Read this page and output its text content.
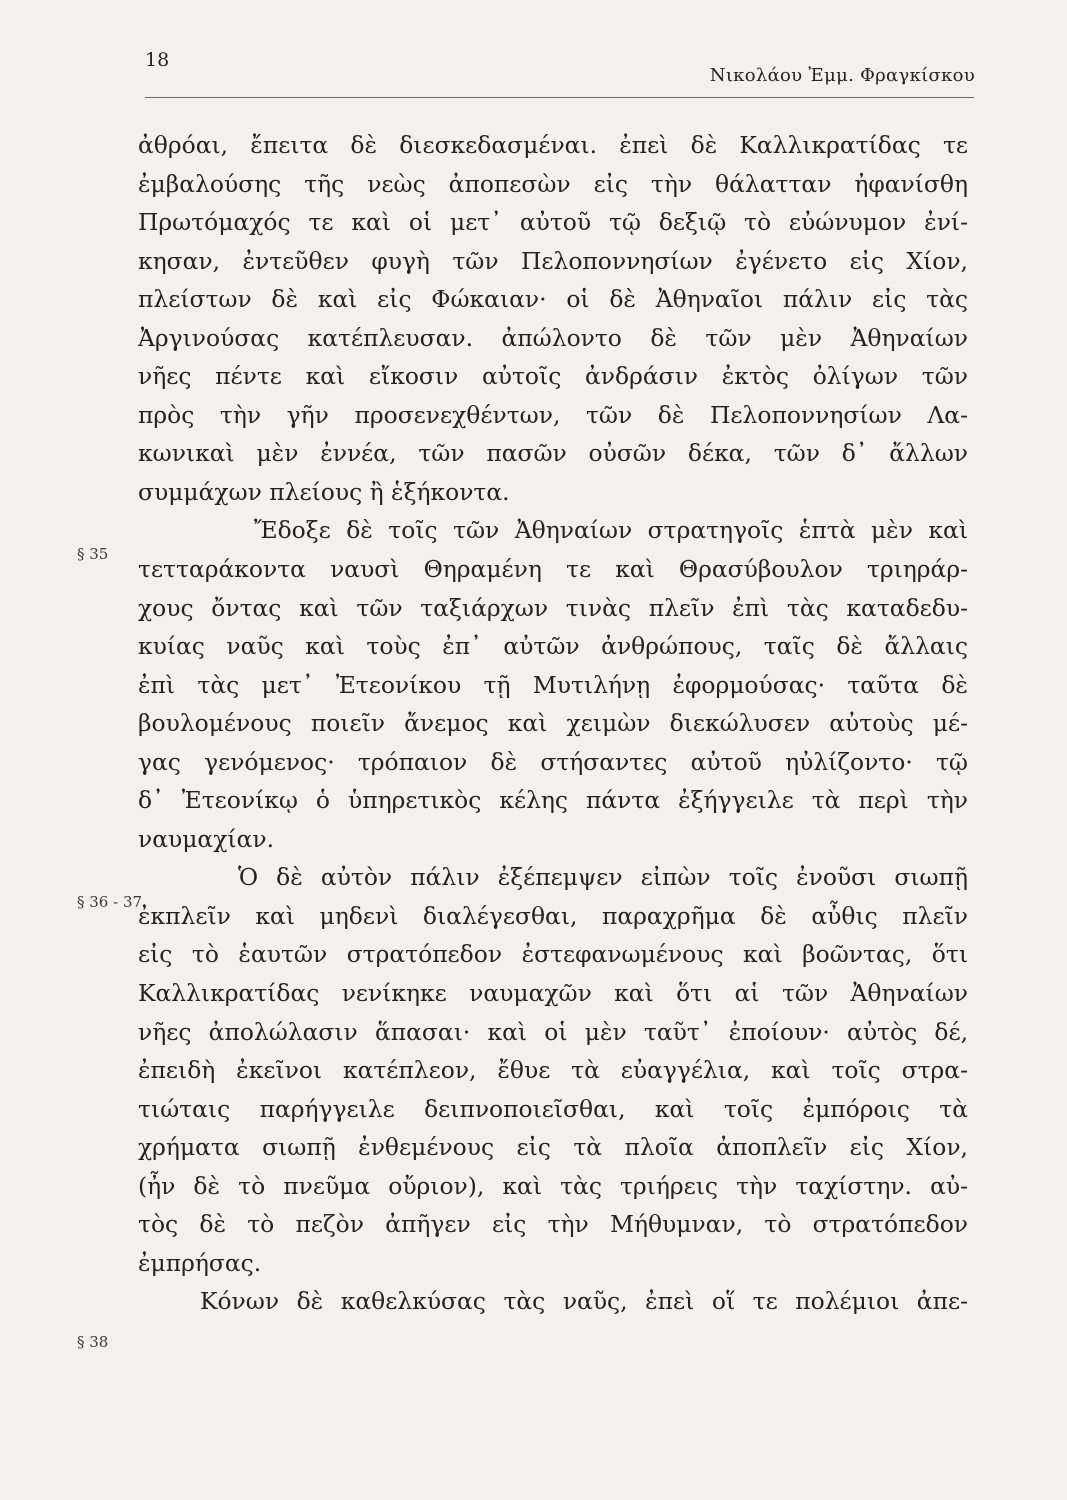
18
Νικολάου Ἐμμ. Φραγκίσκου
§ 35
§ 36 - 37
§ 38
ἀθρόαι, ἔπειτα δὲ διεσκεδασμέναι. ἐπεὶ δὲ Καλλικρατίδας τε
ἐμβαλούσης τῆς νεὼς ἀποπεσὼν εἰς τὴν θάλατταν ἠφανίσθη
Πρωτόμαχός τε καὶ οἱ μετ᾽ αὐτοῦ τῷ δεξιῷ τὸ εὐώνυμον ἐνί-
κησαν, ἐντεῦθεν φυγὴ τῶν Πελοποννησίων ἐγένετο εἰς Χίον,
πλείστων δὲ καὶ εἰς Φώκαιαν· οἱ δὲ Ἀθηναῖοι πάλιν εἰς τὰς
Ἀργινούσας κατέπλευσαν. ἀπώλοντο δὲ τῶν μὲν Ἀθηναίων
νῆες πέντε καὶ εἴκοσιν αὐτοῖς ἀνδράσιν ἐκτὸς ὀλίγων τῶν
πρὸς τὴν γῆν προσενεχθέντων, τῶν δὲ Πελοποννησίων Λα-
κωνικαὶ μὲν ἐννέα, τῶν πασῶν οὐσῶν δέκα, τῶν δ᾽ ἄλλων
συμμάχων πλείους ἢ ἑξήκοντα.
Ἔδοξε δὲ τοῖς τῶν Ἀθηναίων στρατηγοῖς ἑπτὰ μὲν καὶ
τετταράκοντα ναυσὶ Θηραμένη τε καὶ Θρασύβουλον τριηράρ-
χους ὄντας καὶ τῶν ταξιάρχων τινὰς πλεῖν ἐπὶ τὰς καταδεδυ-
κυίας ναῦς καὶ τοὺς ἐπ᾽ αὐτῶν ἀνθρώπους, ταῖς δὲ ἄλλαις
ἐπὶ τὰς μετ᾽ Ἐτεονίκου τῇ Μυτιλήνῃ ἐφορμούσας· ταῦτα δὲ
βουλομένους ποιεῖν ἄνεμος καὶ χειμὼν διεκώλυσεν αὐτοὺς μέ-
γας γενόμενος· τρόπαιον δὲ στήσαντες αὐτοῦ ηὐλίζοντο· τῷ
δ᾽ Ἐτεονίκῳ ὁ ὑπηρετικὸς κέλης πάντα ἐξήγγειλε τὰ περὶ τὴν
ναυμαχίαν.
Ὁ δὲ αὐτὸν πάλιν ἐξέπεμψεν εἰπὼν τοῖς ἐνοῦσι σιωπῇ
ἐκπλεῖν καὶ μηδενὶ διαλέγεσθαι, παραχρῆμα δὲ αὖθις πλεῖν
εἰς τὸ ἑαυτῶν στρατόπεδον ἐστεφανωμένους καὶ βοῶντας, ὅτι
Καλλικρατίδας νενίκηκε ναυμαχῶν καὶ ὅτι αἱ τῶν Ἀθηναίων
νῆες ἀπολώλασιν ἅπασαι· καὶ οἱ μὲν ταῦτ᾽ ἐποίουν· αὐτὸς δέ,
ἐπειδὴ ἐκεῖνοι κατέπλεον, ἔθυε τὰ εὐαγγέλια, καὶ τοῖς στρα-
τιώταις παρήγγειλε δειπνοποιεῖσθαι, καὶ τοῖς ἐμπόροις τὰ
χρήματα σιωπῇ ἐνθεμένους εἰς τὰ πλοῖα ἀποπλεῖν εἰς Χίον,
(ἦν δὲ τὸ πνεῦμα οὔριον), καὶ τὰς τριήρεις τὴν ταχίστην. αὐ-
τὸς δὲ τὸ πεζὸν ἀπῆγεν εἰς τὴν Μήθυμναν, τὸ στρατόπεδον
ἐμπρήσας.
Κόνων δὲ καθελκύσας τὰς ναῦς, ἐπεὶ οἵ τε πολέμιοι ἀπε-
